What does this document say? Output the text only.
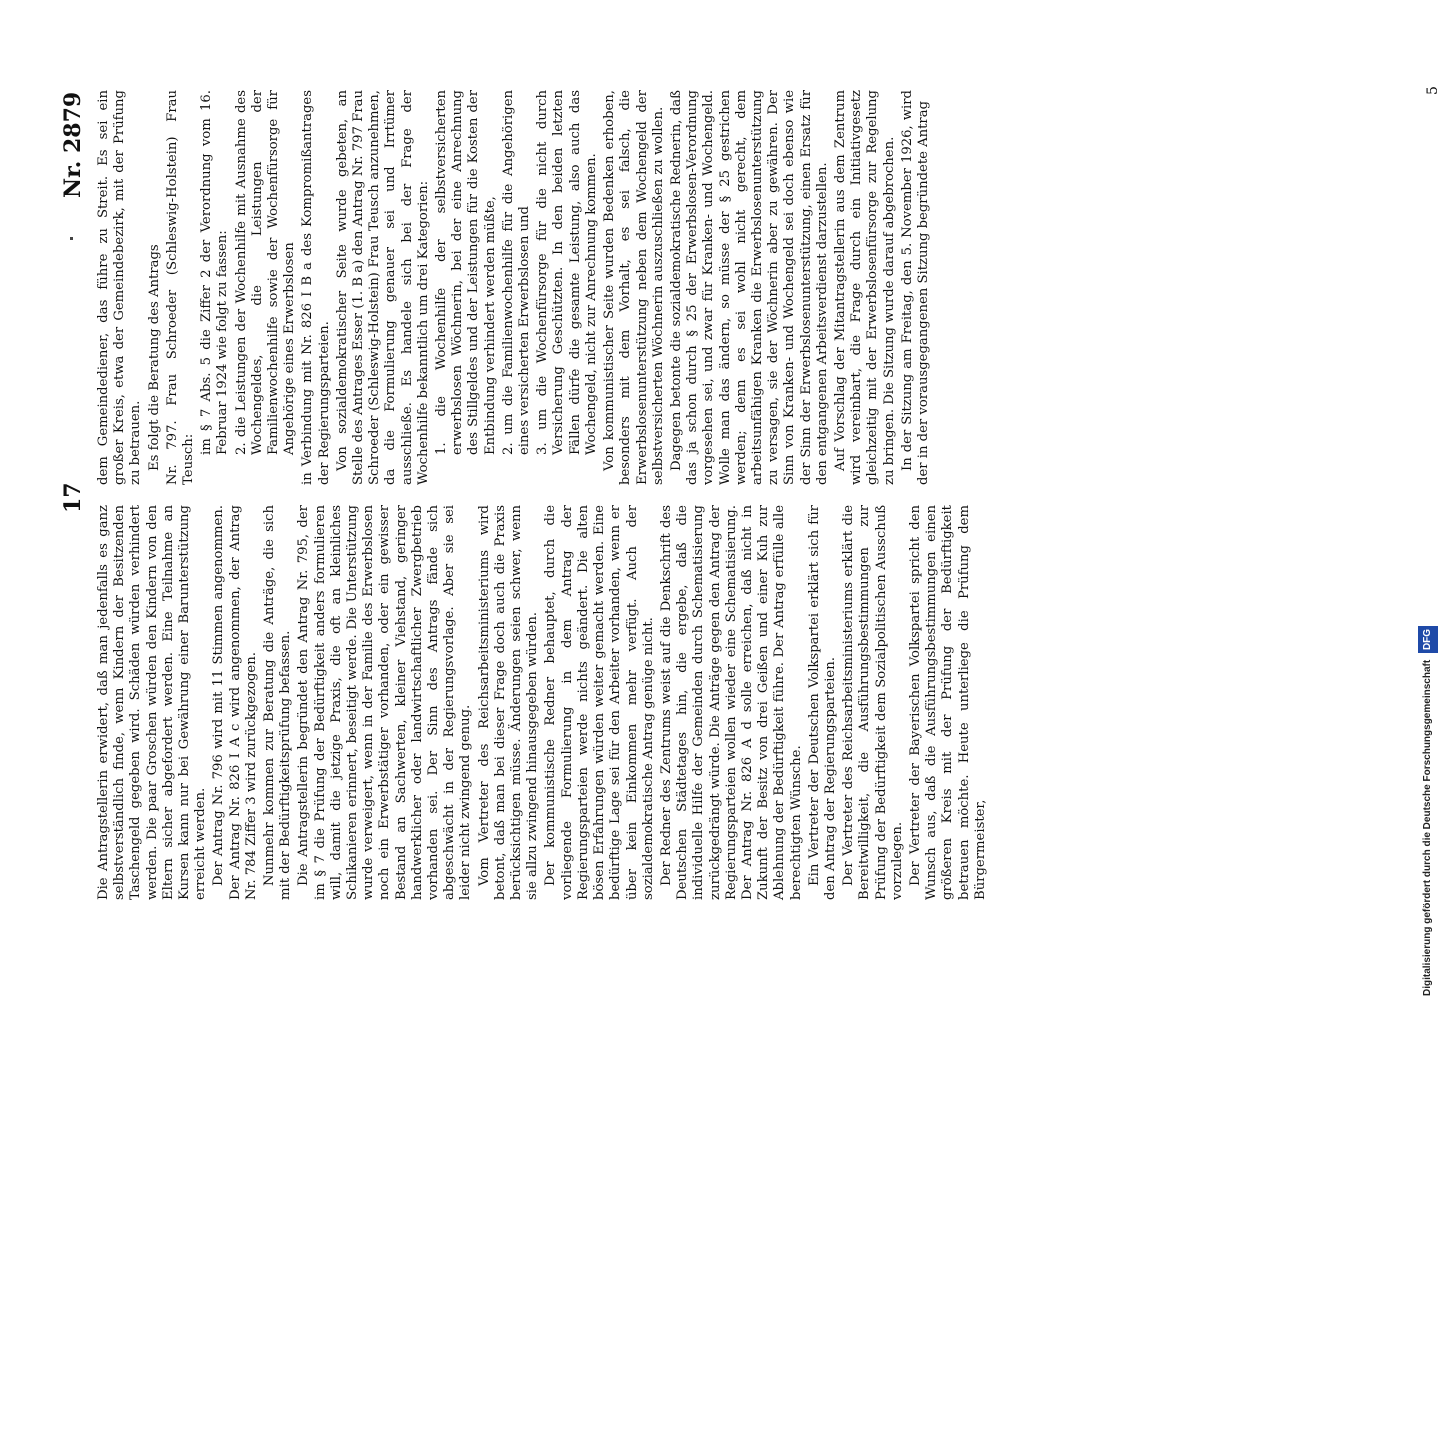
17
Nr. 2879

Die Antragstellerin erwidert, daß man jedenfalls es ganz selbstverständlich finde, wenn Kindern der Besitzenden Taschengeld gegeben wird. Schäden würden verhindert werden. Die paar Groschen würden den Kindern von den Eltern sicher abgefordert werden. Eine Teilnahme an Kursen kann nur bei Gewährung einer Barunterstützung erreicht werden. Der Antrag Nr. 796 wird mit 11 Stimmen angenommen. Der Antrag Nr. 826 I A c wird angenommen, der Antrag Nr. 784 Ziffer 3 wird zurückgezogen. Nunmehr kommen zur Beratung die Anträge, die sich mit der Bedürftigkeitsprüfung befassen. Die Antragstellerin begründet den Antrag Nr. 795, der im § 7 die Prüfung der Bedürftigkeit anders formulieren will, damit die jetzige Praxis, die oft an kleinliches Schikanieren erinnert, beseitigt werde. Die Unterstützung wurde verweigert, wenn in der Familie des Erwerbslosen noch ein Erwerbstätiger vorhanden, oder ein gewisser Bestand an Sachwerten, kleiner Viehstand, geringer handwerklicher oder landwirtschaftlicher Zwergbetrieb vorhanden sei. Der Sinn des Antrags fände sich abgeschwächt in der Regierungsvorlage. Aber sie sei leider nicht zwingend genug. Vom Vertreter des Reichsarbeitsministeriums wird betont, daß man bei dieser Frage doch auch die Praxis berücksichtigen müsse. Änderungen seien schwer, wenn sie allzu zwingend hinausgegeben würden. Der kommunistische Redner behauptet, durch die vorliegende Formulierung in dem Antrag der Regierungsparteien werde nichts geändert. Die alten bösen Erfahrungen würden weiter gemacht werden. Eine bedürftige Lage sei für den Arbeiter vorhanden, wenn er über kein Einkommen mehr verfügt. Auch der sozialdemokratische Antrag genüge nicht. Der Redner des Zentrums weist auf die Denkschrift des Deutschen Städtetages hin, die ergebe, daß die individuelle Hilfe der Gemeinden durch Schematisierung zurückgedrängt würde. Die Anträge gegen den Antrag der Regierungsparteien wollen wieder eine Schematisierung. Der Antrag Nr. 826 A d solle erreichen, daß nicht in Zukunft der Besitz von drei Geißen und einer Kuh zur Ablehnung der Bedürftigkeit führe. Der Antrag erfülle alle berechtigten Wünsche. Ein Vertreter der Deutschen Volkspartei erklärt sich für den Antrag der Regierungsparteien. Der Vertreter des Reichsarbeitsministeriums erklärt die Bereitwilligkeit, die Ausführungsbestimmungen zur Prüfung der Bedürftigkeit dem Sozialpolitischen Ausschuß vorzulegen. Der Vertreter der Bayerischen Volkspartei spricht den Wunsch aus, daß die Ausführungsbestimmungen einen größeren Kreis mit der Prüfung der Bedürftigkeit betrauen möchte. Heute unterliege die Prüfung dem Bürgermeister,

dem Gemeindediener, das führe zu Streit. Es sei ein großer Kreis, etwa der Gemeindebezirk, mit der Prüfung zu betrauen. Es folgt die Beratung des Antrags Nr. 797. Frau Schroeder (Schleswig-Holstein) Frau Teusch:

im § 7 Abs. 5 die Ziffer 2 der Verordnung vom 16. Februar 1924 wie folgt zu fassen: 2. die Leistungen der Wochenhilfe mit Ausnahme des Wochengeldes, die Leistungen der Familienwochenhilfe sowie der Wochenfürsorge für Angehörige eines Erwerbslosen in Verbindung mit Nr. 826 I B a des Kompromißantrages der Regierungsparteien. Von sozialdemokratischer Seite wurde gebeten, an Stelle des Antrages Esser (1. B a) den Antrag Nr. 797 Frau Schroeder (Schleswig-Holstein) Frau Teusch anzunehmen, da die Formulierung genauer sei und Irrtümer ausschließe. Es handele sich bei der Frage der Wochenhilfe bekanntlich um drei Kategorien: 1. die Wochenhilfe der selbstversicherten erwerbslosen Wöchnerin, bei der eine Anrechnung des Stillgeldes und der Leistungen für die Kosten der Entbindung verhindert werden müßte, 2. um die Familienwochenhilfe für die Angehörigen eines versicherten Erwerbslosen und 3. um die Wochenfürsorge für die nicht durch Versicherung Geschützten. In den beiden letzten Fällen dürfe die gesamte Leistung, also auch das Wochengeld, nicht zur Anrechnung kommen. Von kommunistischer Seite wurden Bedenken erhoben, besonders mit dem Vorhalt, es sei falsch, die Erwerbslosenunterstützung neben dem Wochengeld der selbstversicherten Wöchnerin auszuschließen zu wollen. Dagegen betonte die sozialdemokratische Rednerin, daß das ja schon durch § 25 der Erwerbslosen-Verordnung vorgesehen sei, und zwar für Kranken- und Wochengeld. Wolle man das ändern, so müsse der § 25 gestrichen werden; denn es sei wohl nicht gerecht, dem arbeitsunfähigen Kranken die Erwerbslosenunterstützung zu versagen, sie der Wöchnerin aber zu gewähren. Der Sinn von Kranken- und Wochengeld sei doch ebenso wie der Sinn der Erwerbslosenunterstützung, einen Ersatz für den entgangenen Arbeitsverdienst darzustellen. Auf Vorschlag der Mitantragstellerin aus dem Zentrum wird vereinbart, die Frage durch ein Initiativgesetz gleichzeitig mit der Erwerbslosenfürsorge zur Regelung zu bringen. Die Sitzung wurde darauf abgebrochen. In der Sitzung am Freitag, den 5. November 1926, wird der in der vorausgegangenen Sitzung begründete Antrag

5
Digitalisierung gefördert durch die Deutsche Forschungsgemeinschaft DFG
